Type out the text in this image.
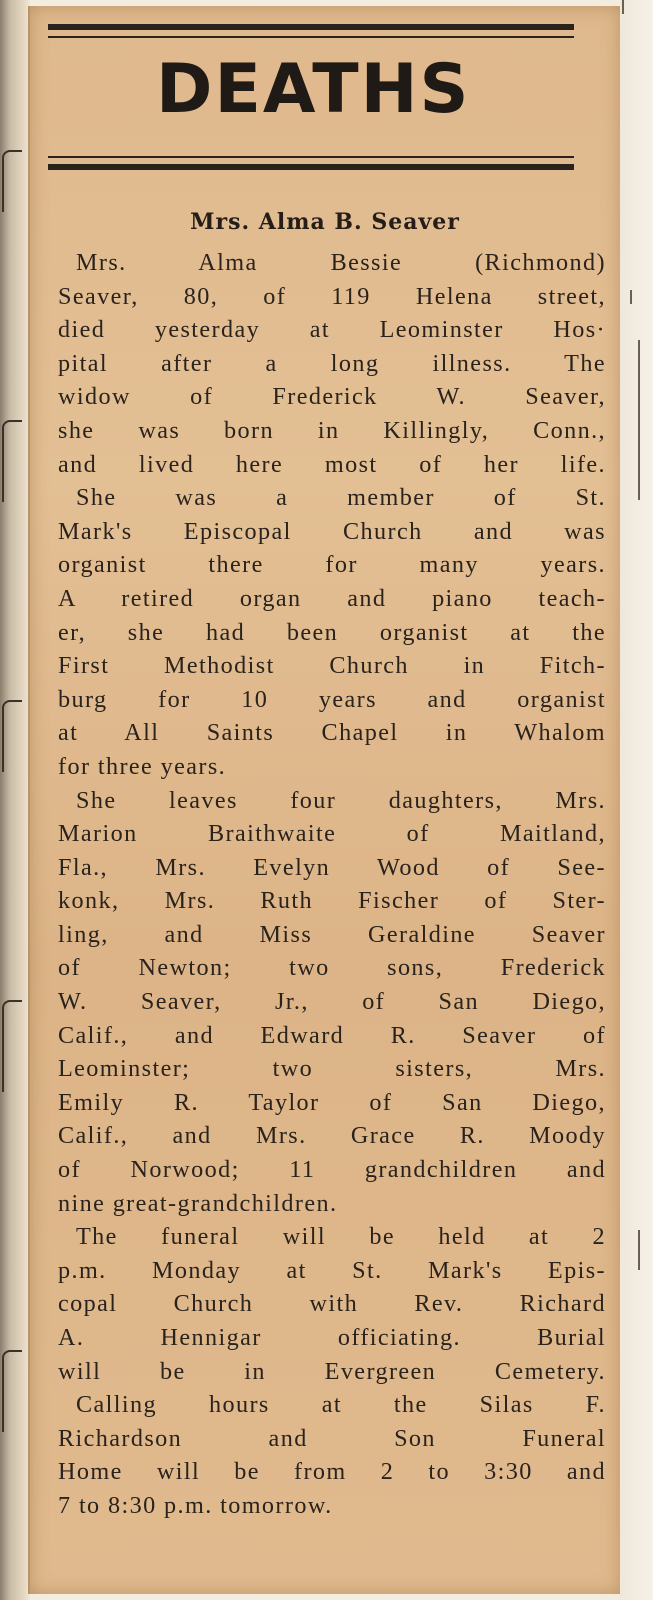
DEATHS
Mrs. Alma B. Seaver
Mrs. Alma Bessie (Richmond)
Seaver, 80, of 119 Helena street,
died yesterday at Leominster Hos·
pital after a long illness. The
widow of Frederick W. Seaver,
she was born in Killingly, Conn.,
and lived here most of her life.
She was a member of St.
Mark's Episcopal Church and was
organist there for many years.
A retired organ and piano teach-
er, she had been organist at the
First Methodist Church in Fitch-
burg for 10 years and organist
at All Saints Chapel in Whalom
for three years.
She leaves four daughters, Mrs.
Marion Braithwaite of Maitland,
Fla., Mrs. Evelyn Wood of See-
konk, Mrs. Ruth Fischer of Ster-
ling, and Miss Geraldine Seaver
of Newton; two sons, Frederick
W. Seaver, Jr., of San Diego,
Calif., and Edward R. Seaver of
Leominster; two sisters, Mrs.
Emily R. Taylor of San Diego,
Calif., and Mrs. Grace R. Moody
of Norwood; 11 grandchildren and
nine great-grandchildren.
The funeral will be held at 2
p.m. Monday at St. Mark's Epis-
copal Church with Rev. Richard
A. Hennigar officiating. Burial
will be in Evergreen Cemetery.
Calling hours at the Silas F.
Richardson and Son Funeral
Home will be from 2 to 3:30 and
7 to 8:30 p.m. tomorrow.
